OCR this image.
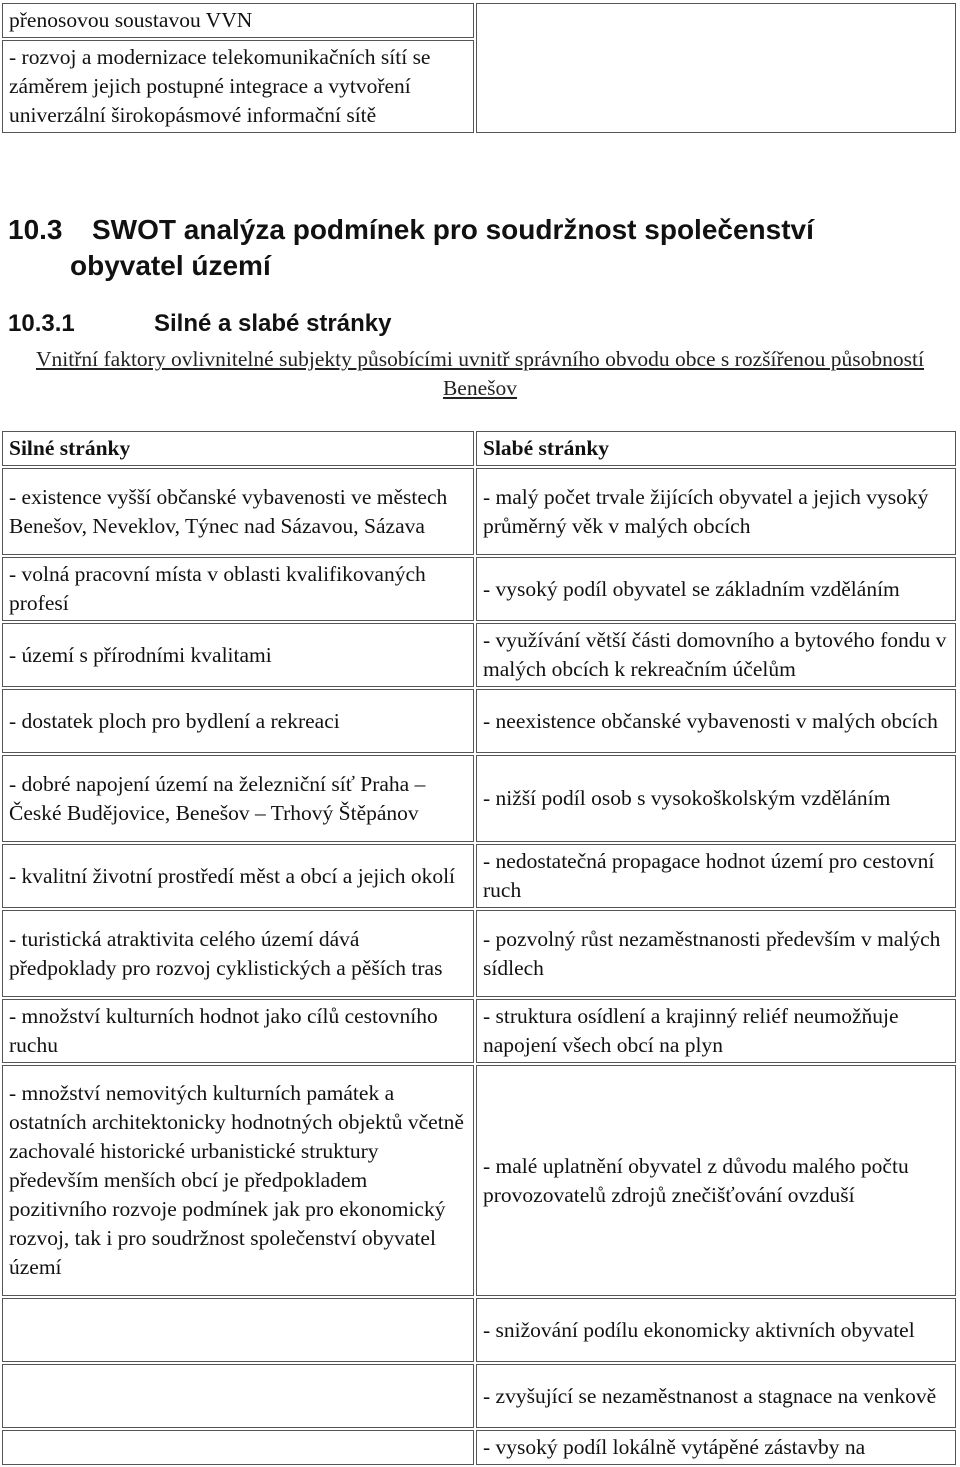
přenosovou soustavou VVN	
- rozvoj a modernizace telekomunikačních sítí se záměrem jejich postupné integrace a vytvoření univerzální širokopásmové informační sítě
10.3 SWOT analýza podmínek pro soudržnost společenství
obyvatel území
10.3.1	Silné a slabé stránky

Vnitřní faktory ovlivnitelné subjekty působícími uvnitř správního obvodu obce s rozšířenou působností Benešov

Silné stránky	Slabé stránky
- existence vyšší občanské vybavenosti ve městech Benešov, Neveklov, Týnec nad Sázavou, Sázava	- malý počet trvale žijících obyvatel a jejich vysoký průměrný věk v malých obcích
- volná pracovní místa v oblasti kvalifikovaných profesí	- vysoký podíl obyvatel se základním vzděláním
- území s přírodními kvalitami	- využívání větší části domovního a bytového fondu v malých obcích k rekreačním účelům
- dostatek ploch pro bydlení a rekreaci	- neexistence občanské vybavenosti v malých obcích
- dobré napojení území na železniční síť Praha – České Budějovice, Benešov – Trhový Štěpánov	- nižší podíl osob s vysokoškolským vzděláním
- kvalitní životní prostředí měst a obcí a jejich okolí	- nedostatečná propagace hodnot území pro cestovní ruch
- turistická atraktivita celého území dává předpoklady pro rozvoj cyklistických a pěších tras	- pozvolný růst nezaměstnanosti především v malých sídlech
- množství kulturních hodnot jako cílů cestovního ruchu	- struktura osídlení a krajinný reliéf neumožňuje napojení všech obcí na plyn
- množství nemovitých kulturních památek a ostatních architektonicky hodnotných objektů včetně zachovalé historické urbanistické struktury především menších obcí je předpokladem pozitivního rozvoje podmínek jak pro ekonomický rozvoj, tak i pro soudržnost společenství obyvatel území	- malé uplatnění obyvatel z důvodu malého počtu provozovatelů zdrojů znečišťování ovzduší
	- snižování podílu ekonomicky aktivních obyvatel
	- zvyšující se nezaměstnanost a stagnace na venkově
	- vysoký podíl lokálně vytápěné zástavby na
